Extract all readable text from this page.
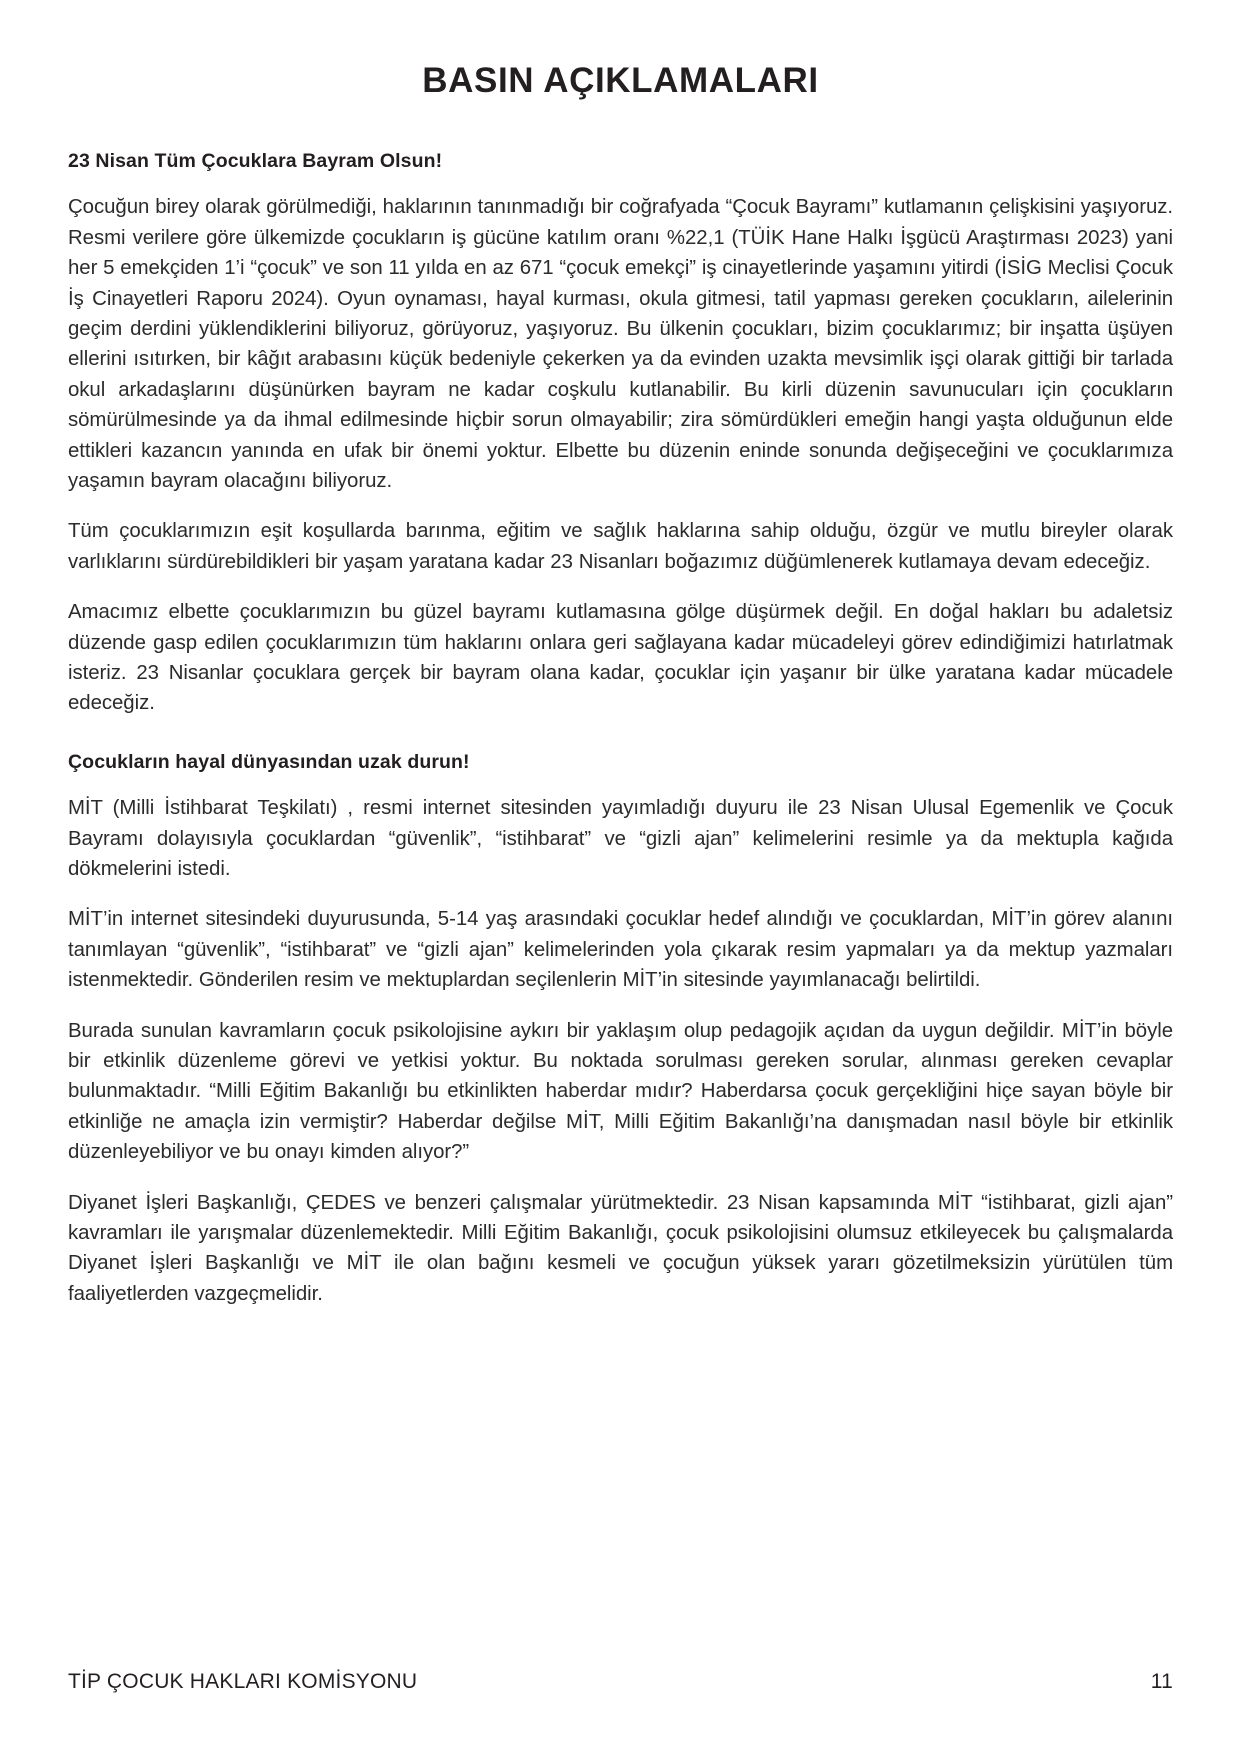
BASIN AÇIKLAMALARI
23 Nisan Tüm Çocuklara Bayram Olsun!

Çocuğun birey olarak görülmediği, haklarının tanınmadığı bir coğrafyada “Çocuk Bayramı” kutlamanın çelişkisini yaşıyoruz. Resmi verilere göre ülkemizde çocukların iş gücüne katılım oranı %22,1 (TÜİK Hane Halkı İşgücü Araştırması 2023) yani her 5 emekçiden 1’i “çocuk” ve son 11 yılda en az 671 “çocuk emekçi” iş cinayetlerinde yaşamını yitirdi (İSİG Meclisi Çocuk İş Cinayetleri Raporu 2024). Oyun oynaması, hayal kurması, okula gitmesi, tatil yapması gereken çocukların, ailelerinin geçim derdini yüklendiklerini biliyoruz, görüyoruz, yaşıyoruz. Bu ülkenin çocukları, bizim çocuklarımız; bir inşatta üşüyen ellerini ısıtırken, bir kâğıt arabasını küçük bedeniyle çekerken ya da evinden uzakta mevsimlik işçi olarak gittiği bir tarlada okul arkadaşlarını düşünürken bayram ne kadar coşkulu kutlanabilir. Bu kirli düzenin savunucuları için çocukların sömürülmesinde ya da ihmal edilmesinde hiçbir sorun olmayabilir; zira sömürdükleri emeğin hangi yaşta olduğunun elde ettikleri kazancın yanında en ufak bir önemi yoktur. Elbette bu düzenin eninde sonunda değişeceğini ve çocuklarımıza yaşamın bayram olacağını biliyoruz.

Tüm çocuklarımızın eşit koşullarda barınma, eğitim ve sağlık haklarına sahip olduğu, özgür ve mutlu bireyler olarak varlıklarını sürdürebildikleri bir yaşam yaratana kadar 23 Nisanları boğazımız düğümlenerek kutlamaya devam edeceğiz.

Amacımız elbette çocuklarımızın bu güzel bayramı kutlamasına gölge düşürmek değil. En doğal hakları bu adaletsiz düzende gasp edilen çocuklarımızın tüm haklarını onlara geri sağlayana kadar mücadeleyi görev edindiğimizi hatırlatmak isteriz. 23 Nisanlar çocuklara gerçek bir bayram olana kadar, çocuklar için yaşanır bir ülke yaratana kadar mücadele edeceğiz.

Çocukların hayal dünyasından uzak durun!

MİT (Milli İstihbarat Teşkilatı) , resmi internet sitesinden yayımladığı duyuru ile 23 Nisan Ulusal Egemenlik ve Çocuk Bayramı dolayısıyla çocuklardan “güvenlik”, “istihbarat” ve “gizli ajan” kelimelerini resimle ya da mektupla kağıda dökmelerini istedi.

MİT’in internet sitesindeki duyurusunda, 5-14 yaş arasındaki çocuklar hedef alındığı ve çocuklardan, MİT’in görev alanını tanımlayan “güvenlik”, “istihbarat” ve “gizli ajan” kelimelerinden yola çıkarak resim yapmaları ya da mektup yazmaları istenmektedir. Gönderilen resim ve mektuplardan seçilenlerin MİT’in sitesinde yayımlanacağı belirtildi.

Burada sunulan kavramların çocuk psikolojisine aykırı bir yaklaşım olup pedagojik açıdan da uygun değildir. MİT’in böyle bir etkinlik düzenleme görevi ve yetkisi yoktur. Bu noktada sorulması gereken sorular, alınması gereken cevaplar bulunmaktadır. “Milli Eğitim Bakanlığı bu etkinlikten haberdar mıdır? Haberdarsa çocuk gerçekliğini hiçe sayan böyle bir etkinliğe ne amaçla izin vermiştir? Haberdar değilse MİT, Milli Eğitim Bakanlığı’na danışmadan nasıl böyle bir etkinlik düzenleyebiliyor ve bu onayı kimden alıyor?”

Diyanet İşleri Başkanlığı, ÇEDES ve benzeri çalışmalar yürütmektedir. 23 Nisan kapsamında MİT “istihbarat, gizli ajan” kavramları ile yarışmalar düzenlemektedir. Milli Eğitim Bakanlığı, çocuk psikolojisini olumsuz etkileyecek bu çalışmalarda Diyanet İşleri Başkanlığı ve MİT ile olan bağını kesmeli ve çocuğun yüksek yararı gözetilmeksizin yürütülen tüm faaliyetlerden vazgeçmelidir.

TİP ÇOCUK HAKLARI KOMİSYONU	11
